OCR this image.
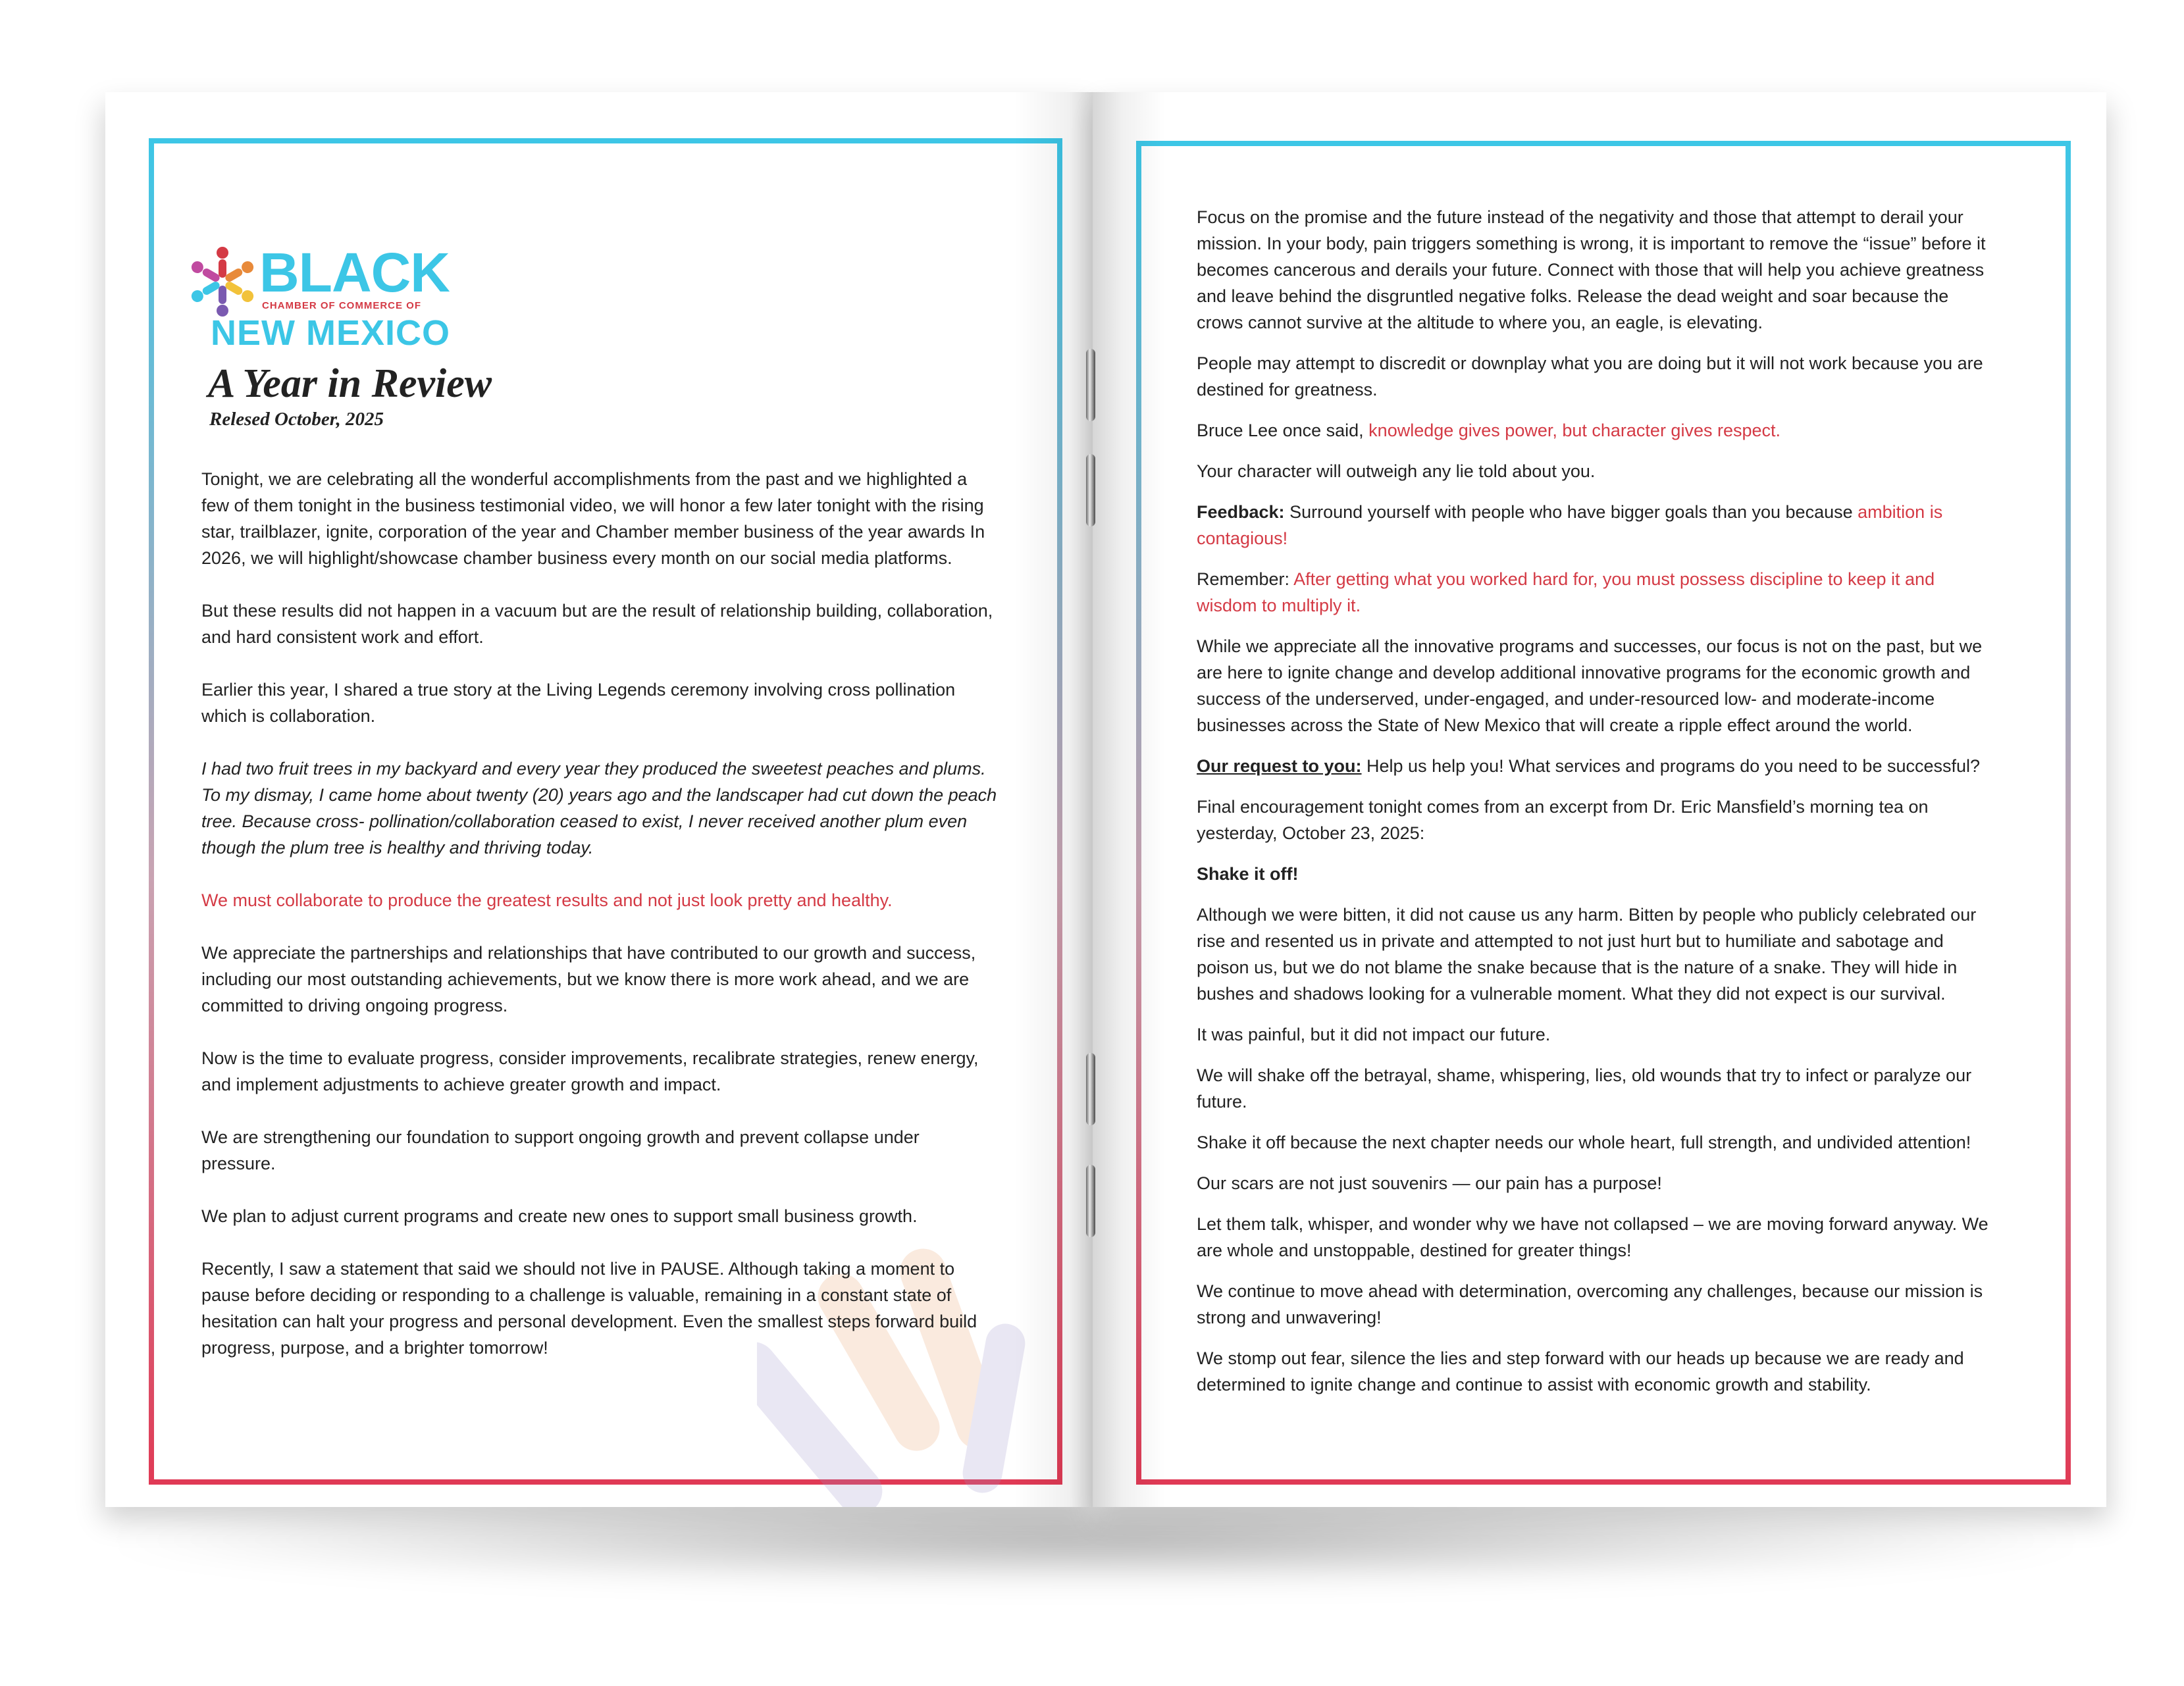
BLACK
CHAMBER OF COMMERCE OF
NEW MEXICO
A Year in Review
Relesed October, 2025

Tonight, we are celebrating all the wonderful accomplishments from the past and we highlighted a few of them tonight in the business testimonial video, we will honor a few later tonight with the rising star, trailblazer, ignite, corporation of the year and Chamber member business of the year awards In 2026, we will highlight/showcase chamber business every month on our social media platforms.

But these results did not happen in a vacuum but are the result of relationship building, collaboration, and hard consistent work and effort.

Earlier this year, I shared a true story at the Living Legends ceremony involving cross pollination which is collaboration.

I had two fruit trees in my backyard and every year they produced the sweetest peaches and plums. To my dismay, I came home about twenty (20) years ago and the landscaper had cut down the peach tree. Because cross- pollination/collaboration ceased to exist, I never received another plum even though the plum tree is healthy and thriving today.

We must collaborate to produce the greatest results and not just look pretty and healthy.

We appreciate the partnerships and relationships that have contributed to our growth and success, including our most outstanding achievements, but we know there is more work ahead, and we are committed to driving ongoing progress.

Now is the time to evaluate progress, consider improvements, recalibrate strategies, renew energy, and implement adjustments to achieve greater growth and impact.

We are strengthening our foundation to support ongoing growth and prevent collapse under pressure.

We plan to adjust current programs and create new ones to support small business growth.

Recently, I saw a statement that said we should not live in PAUSE. Although taking a moment to pause before deciding or responding to a challenge is valuable, remaining in a constant state of hesitation can halt your progress and personal development. Even the smallest steps forward build progress, purpose, and a brighter tomorrow!

Focus on the promise and the future instead of the negativity and those that attempt to derail your mission. In your body, pain triggers something is wrong, it is important to remove the “issue” before it becomes cancerous and derails your future. Connect with those that will help you achieve greatness and leave behind the disgruntled negative folks. Release the dead weight and soar because the crows cannot survive at the altitude to where you, an eagle, is elevating.

People may attempt to discredit or downplay what you are doing but it will not work because you are destined for greatness.

Bruce Lee once said, knowledge gives power, but character gives respect.

Your character will outweigh any lie told about you.

Feedback: Surround yourself with people who have bigger goals than you because ambition is contagious!

Remember: After getting what you worked hard for, you must possess discipline to keep it and wisdom to multiply it.

While we appreciate all the innovative programs and successes, our focus is not on the past, but we are here to ignite change and develop additional innovative programs for the economic growth and success of the underserved, under-engaged, and under-resourced low- and moderate-income businesses across the State of New Mexico that will create a ripple effect around the world.

Our request to you: Help us help you! What services and programs do you need to be successful?

Final encouragement tonight comes from an excerpt from Dr. Eric Mansfield’s morning tea on yesterday, October 23, 2025:

Shake it off!

Although we were bitten, it did not cause us any harm. Bitten by people who publicly celebrated our rise and resented us in private and attempted to not just hurt but to humiliate and sabotage and poison us, but we do not blame the snake because that is the nature of a snake. They will hide in bushes and shadows looking for a vulnerable moment. What they did not expect is our survival.

It was painful, but it did not impact our future.

We will shake off the betrayal, shame, whispering, lies, old wounds that try to infect or paralyze our future.

Shake it off because the next chapter needs our whole heart, full strength, and undivided attention!

Our scars are not just souvenirs — our pain has a purpose!

Let them talk, whisper, and wonder why we have not collapsed – we are moving forward anyway. We are whole and unstoppable, destined for greater things!

We continue to move ahead with determination, overcoming any challenges, because our mission is strong and unwavering!

We stomp out fear, silence the lies and step forward with our heads up because we are ready and determined to ignite change and continue to assist with economic growth and stability.
